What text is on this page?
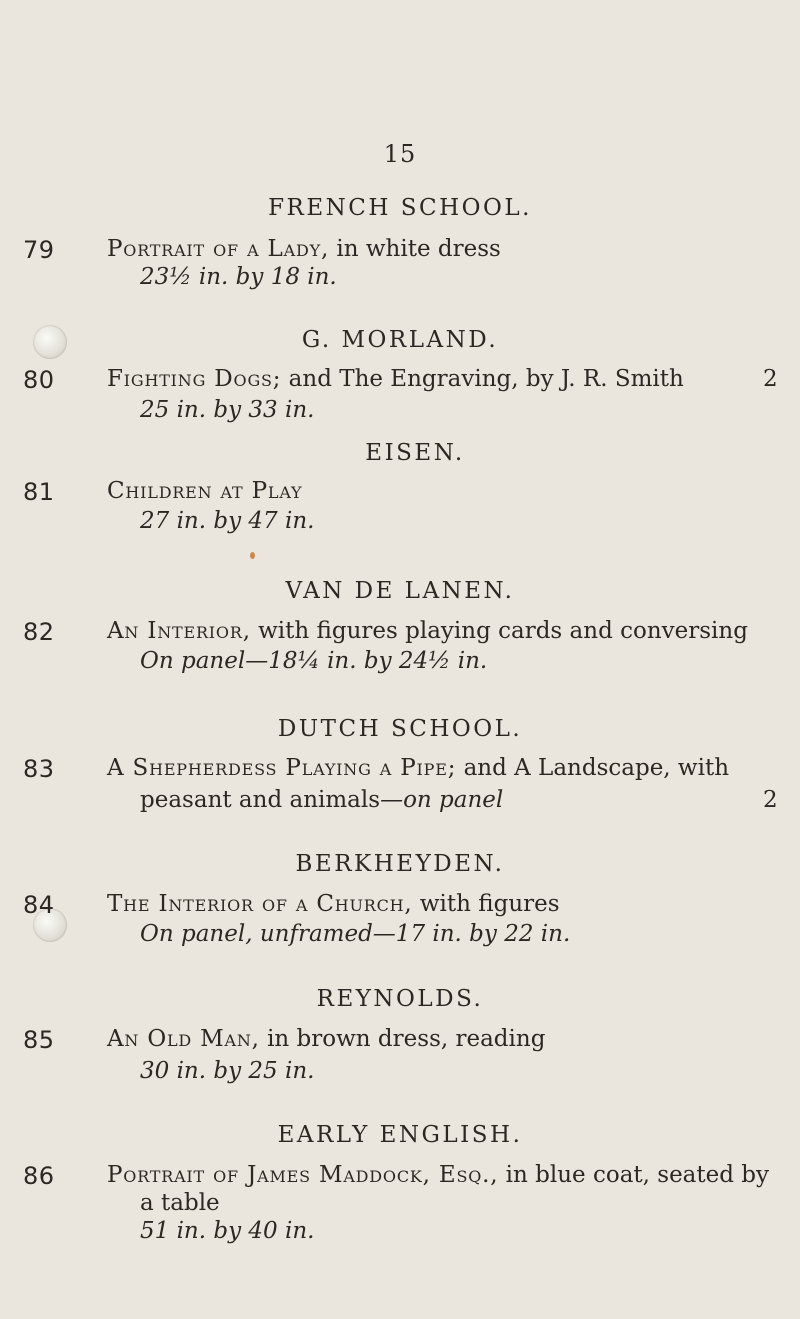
15
FRENCH SCHOOL.
79 Portrait of a Lady, in white dress
23½ in. by 18 in.
G. MORLAND.
80 Fighting Dogs; and The Engraving, by J. R. Smith	2
25 in. by 33 in.
EISEN.
81 Children at Play
27 in. by 47 in.
VAN DE LANEN.
82 An Interior, with figures playing cards and conversing
On panel—18¼ in. by 24½ in.
DUTCH SCHOOL.
83 A Shepherdess Playing a Pipe; and A Landscape, with
peasant and animals—on panel	2
BERKHEYDEN.
84 The Interior of a Church, with figures
On panel, unframed—17 in. by 22 in.
REYNOLDS.
85 An Old Man, in brown dress, reading
30 in. by 25 in.
EARLY ENGLISH.
86 Portrait of James Maddock, Esq., in blue coat, seated by
a table
51 in. by 40 in.
